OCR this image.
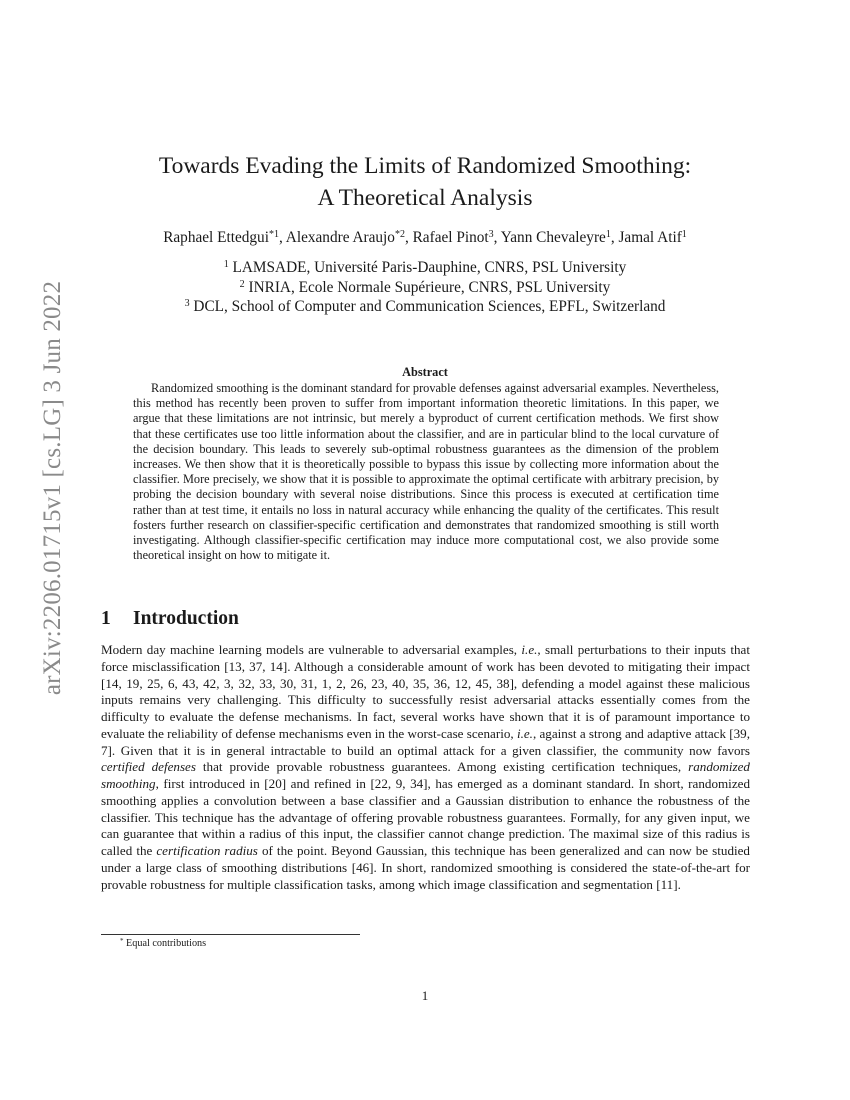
arXiv:2206.01715v1 [cs.LG] 3 Jun 2022
Towards Evading the Limits of Randomized Smoothing:
A Theoretical Analysis
Raphael Ettedgui$^{*1}$, Alexandre Araujo$^{*2}$, Rafael Pinot$^3$, Yann Chevaleyre$^1$, Jamal Atif$^1$
$^1$ LAMSADE, Université Paris-Dauphine, CNRS, PSL University
$^2$ INRIA, Ecole Normale Supérieure, CNRS, PSL University
$^3$ DCL, School of Computer and Communication Sciences, EPFL, Switzerland
Abstract

Randomized smoothing is the dominant standard for provable defenses against adversarial examples. Nevertheless, this method has recently been proven to suffer from important information theoretic limitations. In this paper, we argue that these limitations are not intrinsic, but merely a byproduct of current certification methods. We first show that these certificates use too little information about the classifier, and are in particular blind to the local curvature of the decision boundary. This leads to severely sub-optimal robustness guarantees as the dimension of the problem increases. We then show that it is theoretically possible to bypass this issue by collecting more information about the classifier. More precisely, we show that it is possible to approximate the optimal certificate with arbitrary precision, by probing the decision boundary with several noise distributions. Since this process is executed at certification time rather than at test time, it entails no loss in natural accuracy while enhancing the quality of the certificates. This result fosters further research on classifier-specific certification and demonstrates that randomized smoothing is still worth investigating. Although classifier-specific certification may induce more computational cost, we also provide some theoretical insight on how to mitigate it.

1 Introduction

Modern day machine learning models are vulnerable to adversarial examples, i.e., small perturbations to their inputs that force misclassification [13, 37, 14]. Although a considerable amount of work has been devoted to mitigating their impact [14, 19, 25, 6, 43, 42, 3, 32, 33, 30, 31, 1, 2, 26, 23, 40, 35, 36, 12, 45, 38], defending a model against these malicious inputs remains very challenging. This difficulty to successfully resist adversarial attacks essentially comes from the difficulty to evaluate the defense mechanisms. In fact, several works have shown that it is of paramount importance to evaluate the reliability of defense mechanisms even in the worst-case scenario, i.e., against a strong and adaptive attack [39, 7]. Given that it is in general intractable to build an optimal attack for a given classifier, the community now favors certified defenses that provide provable robustness guarantees. Among existing certification techniques, randomized smoothing, first introduced in [20] and refined in [22, 9, 34], has emerged as a dominant standard. In short, randomized smoothing applies a convolution between a base classifier and a Gaussian distribution to enhance the robustness of the classifier. This technique has the advantage of offering provable robustness guarantees. Formally, for any given input, we can guarantee that within a radius of this input, the classifier cannot change prediction. The maximal size of this radius is called the certification radius of the point. Beyond Gaussian, this technique has been generalized and can now be studied under a large class of smoothing distributions [46]. In short, randomized smoothing is considered the state-of-the-art for provable robustness for multiple classification tasks, among which image classification and segmentation [11].

* Equal contributions
1
